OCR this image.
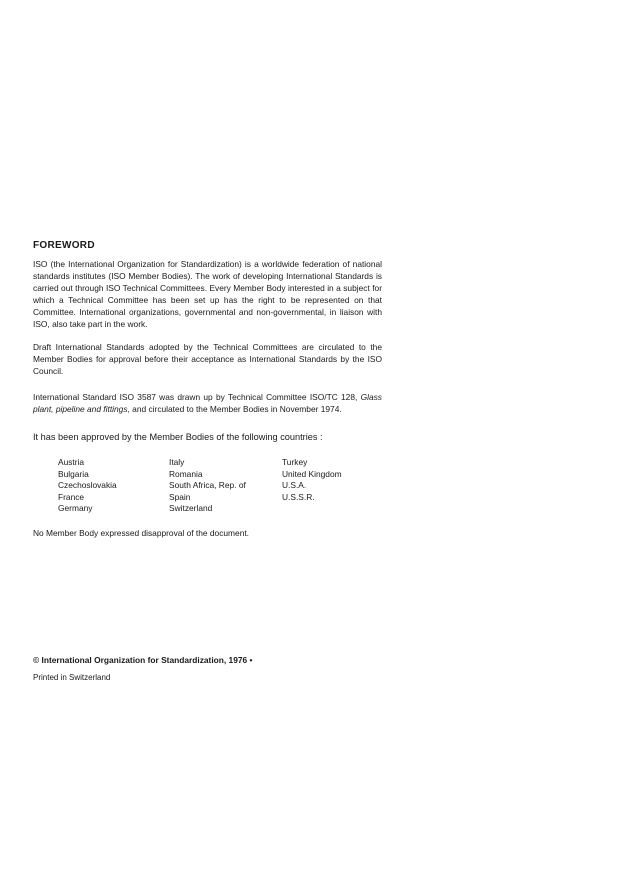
FOREWORD

ISO (the International Organization for Standardization) is a worldwide federation of national standards institutes (ISO Member Bodies). The work of developing International Standards is carried out through ISO Technical Committees. Every Member Body interested in a subject for which a Technical Committee has been set up has the right to be represented on that Committee. International organizations, governmental and non-governmental, in liaison with ISO, also take part in the work.

Draft International Standards adopted by the Technical Committees are circulated to the Member Bodies for approval before their acceptance as International Standards by the ISO Council.

International Standard ISO 3587 was drawn up by Technical Committee ISO/TC 128, Glass plant, pipeline and fittings, and circulated to the Member Bodies in November 1974.

It has been approved by the Member Bodies of the following countries :

Austria
Bulgaria
Czechoslovakia
France
Germany
Italy
Romania
South Africa, Rep. of
Spain
Switzerland
Turkey
United Kingdom
U.S.A.
U.S.S.R.

No Member Body expressed disapproval of the document.

© International Organization for Standardization, 1976 •
Printed in Switzerland
